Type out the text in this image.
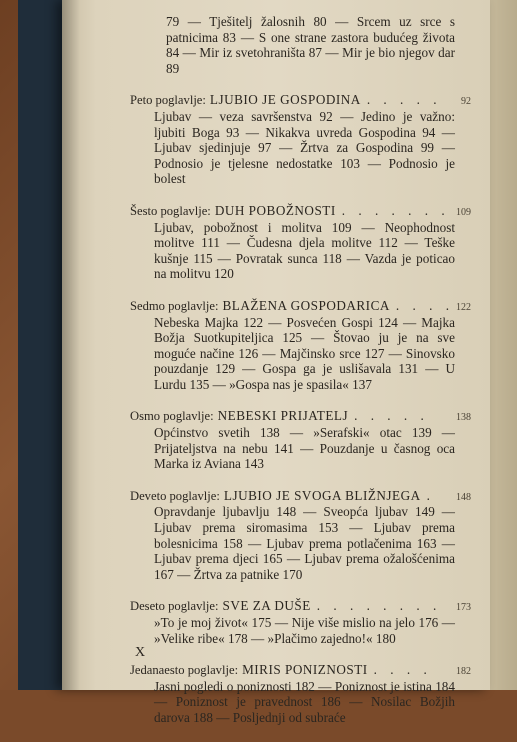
79 — Tješitelj žalosnih 80 — Srcem uz srce s patnicima 83 — S one strane zastora budućeg života 84 — Mir iz svetohraništa 87 — Mir je bio njegov dar 89
Peto poglavlje: LJUBIO JE GOSPODINA . . . . .	92
Ljubav — veza savršenstva 92 — Jedino je važno: ljubiti Boga 93 — Nikakva uvreda Gospodina 94 — Ljubav sjedinjuje 97 — Žrtva za Gospodina 99 — Podnosio je tjelesne nedostatke 103 — Podnosio je bolest
Šesto poglavlje: DUH POBOŽNOSTI . . . . . . . 109
Ljubav, pobožnost i molitva 109 — Neophodnost molitve 111 — Čudesna djela molitve 112 — Teške kušnje 115 — Povratak sunca 118 — Vazda je poticao na molitvu 120
Sedmo poglavlje: BLAŽENA GOSPODARICA . . . . 122
Nebeska Majka 122 — Posvećen Gospi 124 — Majka Božja Suotkupiteljica 125 — Štovao ju je na sve moguće načine 126 — Majčinsko srce 127 — Sinovsko pouzdanje 129 — Gospa ga je uslišavala 131 — U Lurdu 135 — »Gospa nas je spasila« 137
Osmo poglavlje: NEBESKI PRIJATELJ . . . . .	138
Općinstvo svetih 138 — »Serafski« otac 139 — Prijateljstva na nebu 141 — Pouzdanje u časnog oca Marka iz Aviana 143
Deveto poglavlje: LJUBIO JE SVOGA BLIŽNJEGA .	148
Opravdanje ljubavlju 148 — Sveopća ljubav 149 — Ljubav prema siromasima 153 — Ljubav prema bolesnicima 158 — Ljubav prema potlačenima 163 — Ljubav prema djeci 165 — Ljubav prema ožalošćenima 167 — Žrtva za patnike 170
Deseto poglavlje: SVE ZA DUŠE . . . . . . . .	173
»To je moj život« 175 — Nije više mislio na jelo 176 — »Velike ribe« 178 — »Plačimo zajedno!« 180
Jedanaesto poglavlje: MIRIS PONIZNOSTI . . . .	182
Jasni pogledi o poniznosti 182 — Poniznost je istina 184 — Poniznost je pravednost 186 — Nosilac Božjih darova 188 — Posljednji od subraće
X
